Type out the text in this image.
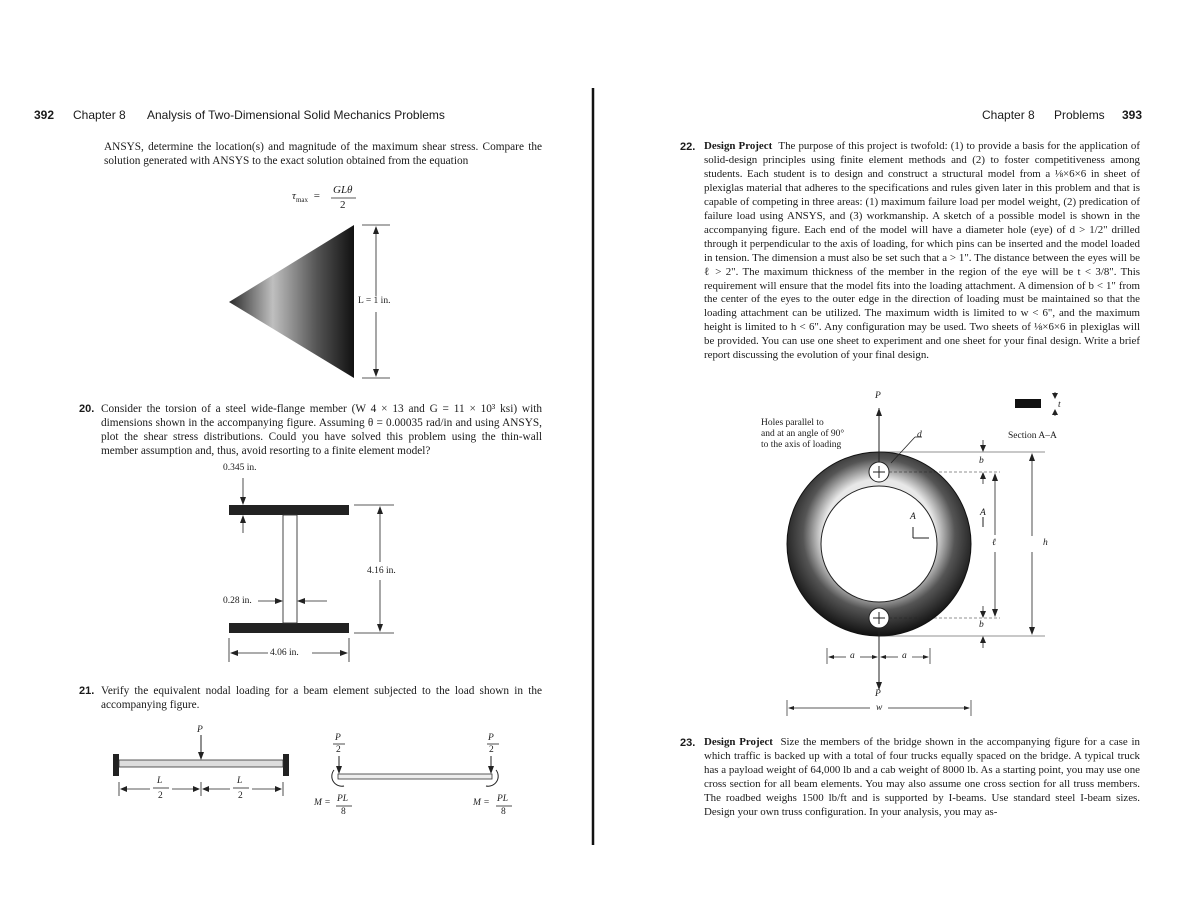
392 Chapter 8 Analysis of Two-Dimensional Solid Mechanics Problems
ANSYS, determine the location(s) and magnitude of the maximum shear stress. Compare the solution generated with ANSYS to the exact solution obtained from the equation
$\tau_{max} = GL\theta$
2
L = 1 in.
20. Consider the torsion of a steel wide-flange member (W 4 × 13 and G = 11 × 10³ ksi) with dimensions shown in the accompanying figure. Assuming θ = 0.00035 rad/in and using ANSYS, plot the shear stress distributions. Could you have solved this problem using the thin-wall member assumption and, thus, avoid resorting to a finite element model?
0.345 in.
0.28 in.
4.16 in.
4.06 in.
21. Verify the equivalent nodal loading for a beam element subjected to the load shown in the accompanying figure.
P
L
2
L
2
P
2
P
2
M = PL
8
M = PL
8
Chapter 8 Problems 393
22. Design Project The purpose of this project is twofold: (1) to provide a basis for the application of solid-design principles using finite element methods and (2) to foster competitiveness among students. Each student is to design and construct a structural model from a ⅛×6×6 in sheet of plexiglas material that adheres to the specifications and rules given later in this problem and that is capable of competing in three areas: (1) maximum failure load per model weight, (2) predication of failure load using ANSYS, and (3) workmanship. A sketch of a possible model is shown in the accompanying figure. Each end of the model will have a diameter hole (eye) of d > 1/2" drilled through it perpendicular to the axis of loading, for which pins can be inserted and the model loaded in tension. The dimension a must also be set such that a > 1". The distance between the eyes will be ℓ > 2". The maximum thickness of the member in the region of the eye will be t < 3/8". This requirement will ensure that the model fits into the loading attachment. A dimension of b < 1" from the center of the eyes to the outer edge in the direction of loading must be maintained so that the loading attachment can be utilized. The maximum width is limited to w < 6", and the maximum height is limited to h < 6". Any configuration may be used. Two sheets of ⅛×6×6 in plexiglas will be provided. You can use one sheet to experiment and one sheet for your final design. Write a brief report discussing the evolution of your final design.
Holes parallel to
and at an angle of 90°
to the axis of loading
P
P
d	Section A–A
t
b
b
A	A
ℓ	h
a	a
w
23. Design Project Size the members of the bridge shown in the accompanying figure for a case in which traffic is backed up with a total of four trucks equally spaced on the bridge. A typical truck has a payload weight of 64,000 lb and a cab weight of 8000 lb. As a starting point, you may use one cross section for all beam elements. You may also assume one cross section for all truss members. The roadbed weighs 1500 lb/ft and is supported by I-beams. Use standard steel I-beam sizes. Design your own truss configuration. In your analysis, you may as-
